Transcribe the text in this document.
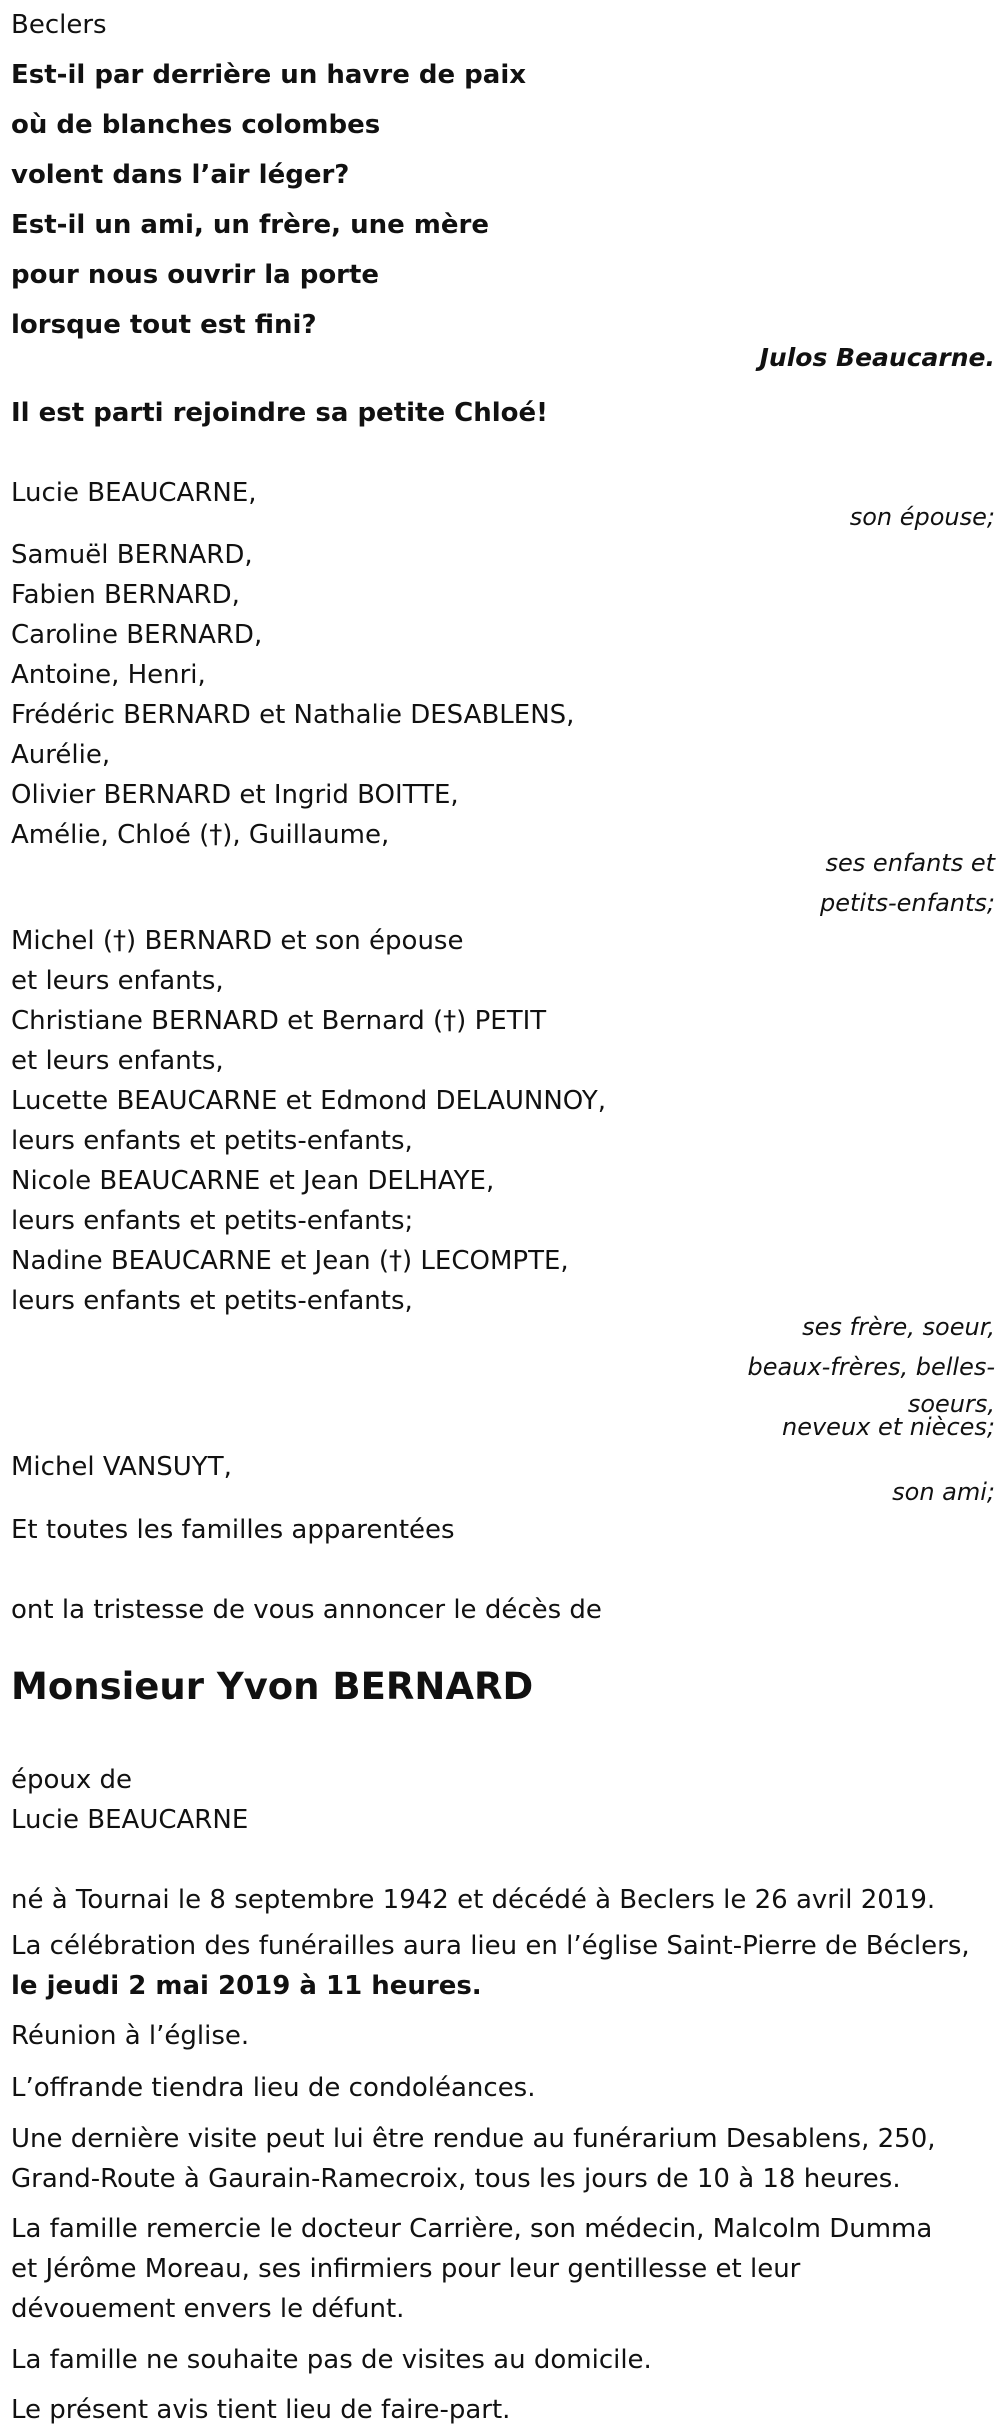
Beclers
Est-il par derrière un havre de paix
où de blanches colombes
volent dans l’air léger?
Est-il un ami, un frère, une mère
pour nous ouvrir la porte
lorsque tout est fini?
Julos Beaucarne.
Il est parti rejoindre sa petite Chloé!
Lucie BEAUCARNE,
son épouse;
Samuël BERNARD,
Fabien BERNARD,
Caroline BERNARD,
Antoine, Henri,
Frédéric BERNARD et Nathalie DESABLENS,
Aurélie,
Olivier BERNARD et Ingrid BOITTE,
Amélie, Chloé (†), Guillaume,
ses enfants et
petits-enfants;
Michel (†) BERNARD et son épouse
et leurs enfants,
Christiane BERNARD et Bernard (†) PETIT
et leurs enfants,
Lucette BEAUCARNE et Edmond DELAUNNOY,
leurs enfants et petits-enfants,
Nicole BEAUCARNE et Jean DELHAYE,
leurs enfants et petits-enfants;
Nadine BEAUCARNE et Jean (†) LECOMPTE,
leurs enfants et petits-enfants,
ses frère, soeur,
beaux-frères, belles-
soeurs,
neveux et nièces;
Michel VANSUYT,
son ami;
Et toutes les familles apparentées
ont la tristesse de vous annoncer le décès de
Monsieur Yvon BERNARD
époux de
Lucie BEAUCARNE
né à Tournai le 8 septembre 1942 et décédé à Beclers le 26 avril 2019.
La célébration des funérailles aura lieu en l’église Saint-Pierre de Béclers,
le jeudi 2 mai 2019 à 11 heures.
Réunion à l’église.
L’offrande tiendra lieu de condoléances.
Une dernière visite peut lui être rendue au funérarium Desablens, 250,
Grand-Route à Gaurain-Ramecroix, tous les jours de 10 à 18 heures.
La famille remercie le docteur Carrière, son médecin, Malcolm Dumma
et Jérôme Moreau, ses infirmiers pour leur gentillesse et leur
dévouement envers le défunt.
La famille ne souhaite pas de visites au domicile.
Le présent avis tient lieu de faire-part.
